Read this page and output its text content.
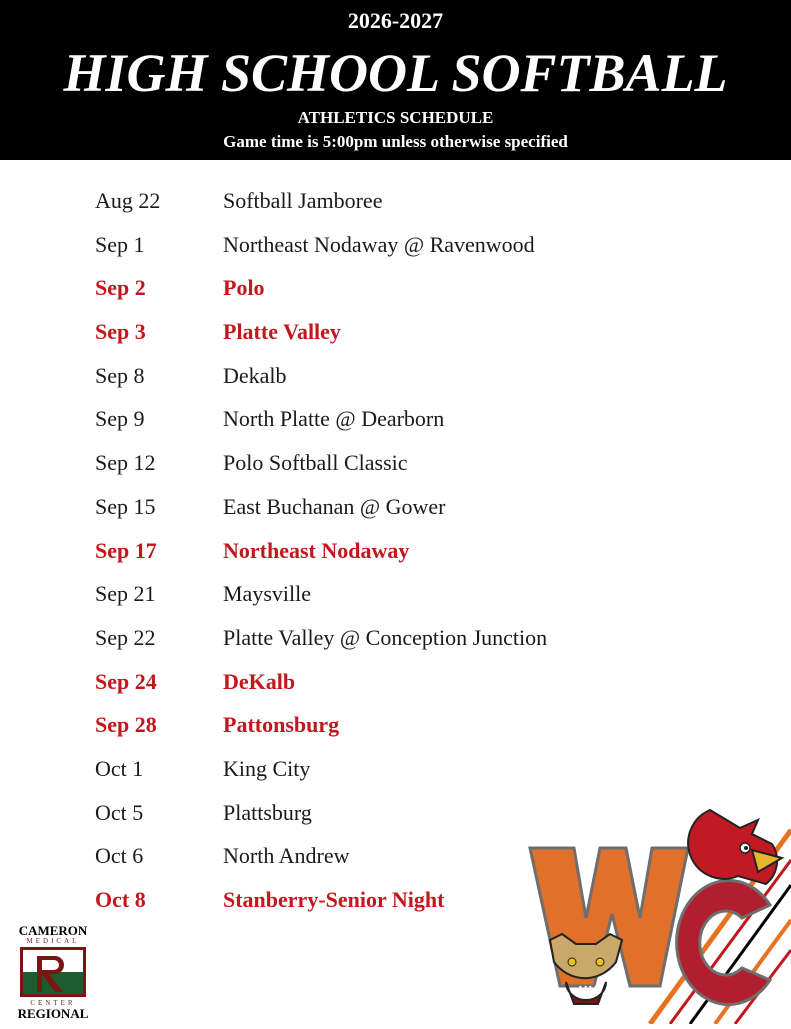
2026-2027
HIGH SCHOOL SOFTBALL
ATHLETICS SCHEDULE
Game time is 5:00pm unless otherwise specified
Aug 22	Softball Jamboree
Sep 1	Northeast Nodaway @ Ravenwood
Sep 2	Polo
Sep 3	Platte Valley
Sep 8	Dekalb
Sep 9	North Platte @ Dearborn
Sep 12	Polo Softball Classic
Sep 15	East Buchanan @ Gower
Sep 17	Northeast Nodaway
Sep 21	Maysville
Sep 22	Platte Valley @ Conception Junction
Sep 24	DeKalb
Sep 28	Pattonsburg
Oct 1	King City
Oct 5	Plattsburg
Oct 6	North Andrew
Oct 8	Stanberry-Senior Night
CAMERON
MEDICAL
CENTER
REGIONAL
